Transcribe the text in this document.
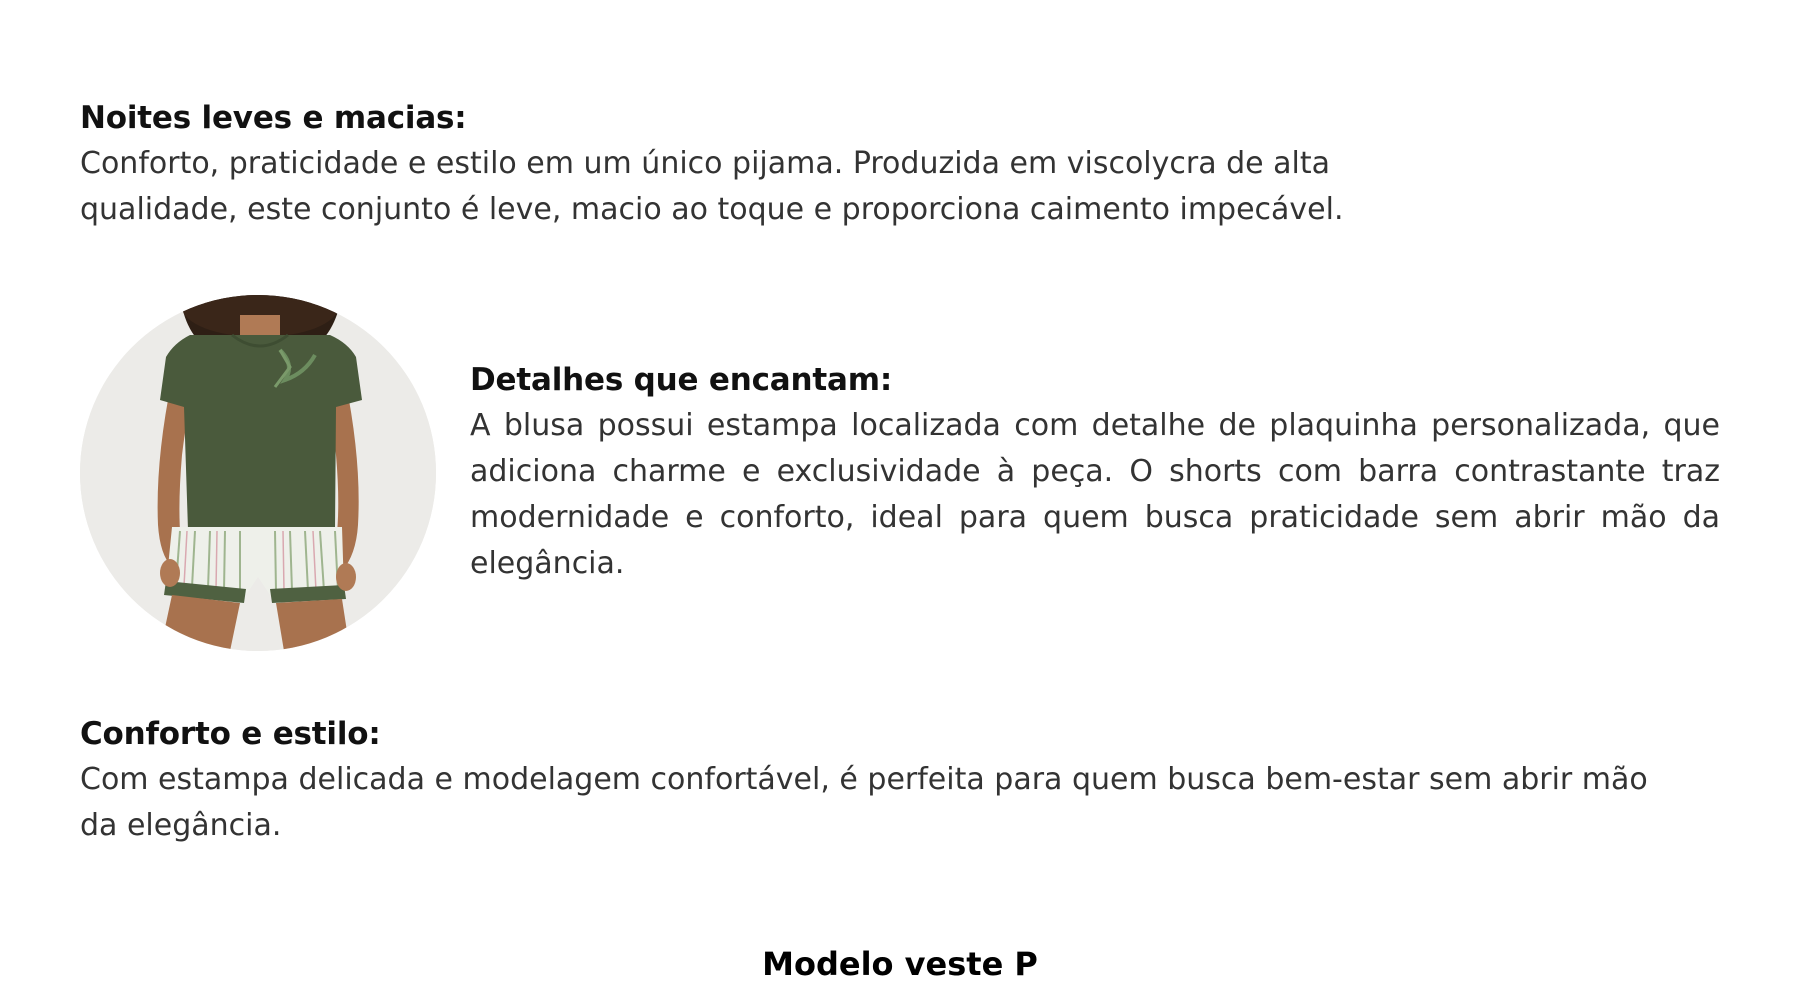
Noites leves e macias:

Conforto, praticidade e estilo em um único pijama. Produzida em viscolycra de alta qualidade, este conjunto é leve, macio ao toque e proporciona caimento impecável.

Detalhes que encantam:

A blusa possui estampa localizada com detalhe de plaquinha personalizada, que adiciona charme e exclusividade à peça. O shorts com barra contrastante traz modernidade e conforto, ideal para quem busca praticidade sem abrir mão da elegância.

Conforto e estilo:

Com estampa delicada e modelagem confortável, é perfeita para quem busca bem-estar sem abrir mão da elegância.

Modelo veste P
